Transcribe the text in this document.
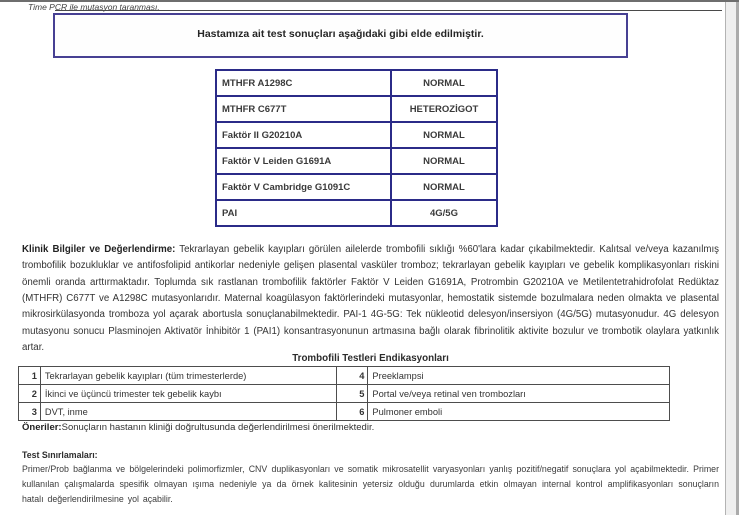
Time PCR ile mutasyon taranması.
Hastamıza ait test sonuçları aşağıdaki gibi elde edilmiştir.
MTHFR A1298C	NORMAL
MTHFR C677T	HETEROZİGOT
Faktör II G20210A	NORMAL
Faktör V Leiden G1691A	NORMAL
Faktör V Cambridge G1091C	NORMAL
PAI	4G/5G
Klinik Bilgiler ve Değerlendirme: Tekrarlayan gebelik kayıpları görülen ailelerde trombofili sıklığı %60'lara kadar çıkabilmektedir. Kalıtsal ve/veya kazanılmış trombofilik bozukluklar ve antifosfolipid antikorlar nedeniyle gelişen plasental vasküler tromboz; tekrarlayan gebelik kayıpları ve gebelik komplikasyonları riskini önemli oranda arttırmaktadır. Toplumda sık rastlanan trombofilik faktörler Faktör V Leiden G1691A, Protrombin G20210A ve Metilentetrahidrofolat Redüktaz (MTHFR) C677T ve A1298C mutasyonlarıdır. Maternal koagülasyon faktörlerindeki mutasyonlar, hemostatik sistemde bozulmalara neden olmakta ve plasental mikrosirkülasyonda tromboza yol açarak abortusla sonuçlanabilmektedir. PAI-1 4G-5G: Tek nükleotid delesyon/insersiyon (4G/5G) mutasyonudur. 4G delesyon mutasyonu sonucu Plasminojen Aktivatör İnhibitör 1 (PAI1) konsantrasyonunun artmasına bağlı olarak fibrinolitik aktivite bozulur ve trombotik olaylara yatkınlık artar.
Trombofili Testleri Endikasyonları
1	Tekrarlayan gebelik kayıpları (tüm trimesterlerde)	4	Preeklampsi
2	İkinci ve üçüncü trimester tek gebelik kaybı	5	Portal ve/veya retinal ven trombozları
3	DVT, inme	6	Pulmoner emboli
Öneriler:Sonuçların hastanın kliniği doğrultusunda değerlendirilmesi önerilmektedir.
Test Sınırlamaları:
Primer/Prob bağlanma ve bölgelerindeki polimorfizmler, CNV duplikasyonları ve somatik mikrosatellit varyasyonları yanlış pozitif/negatif sonuçlara yol açabilmektedir. Primer kullanılan çalışmalarda spesifik olmayan ışıma nedeniyle ya da örnek kalitesinin yetersiz olduğu durumlarda etkin olmayan internal kontrol amplifikasyonları sonuçların hatalı değerlendirilmesine yol açabilir.
